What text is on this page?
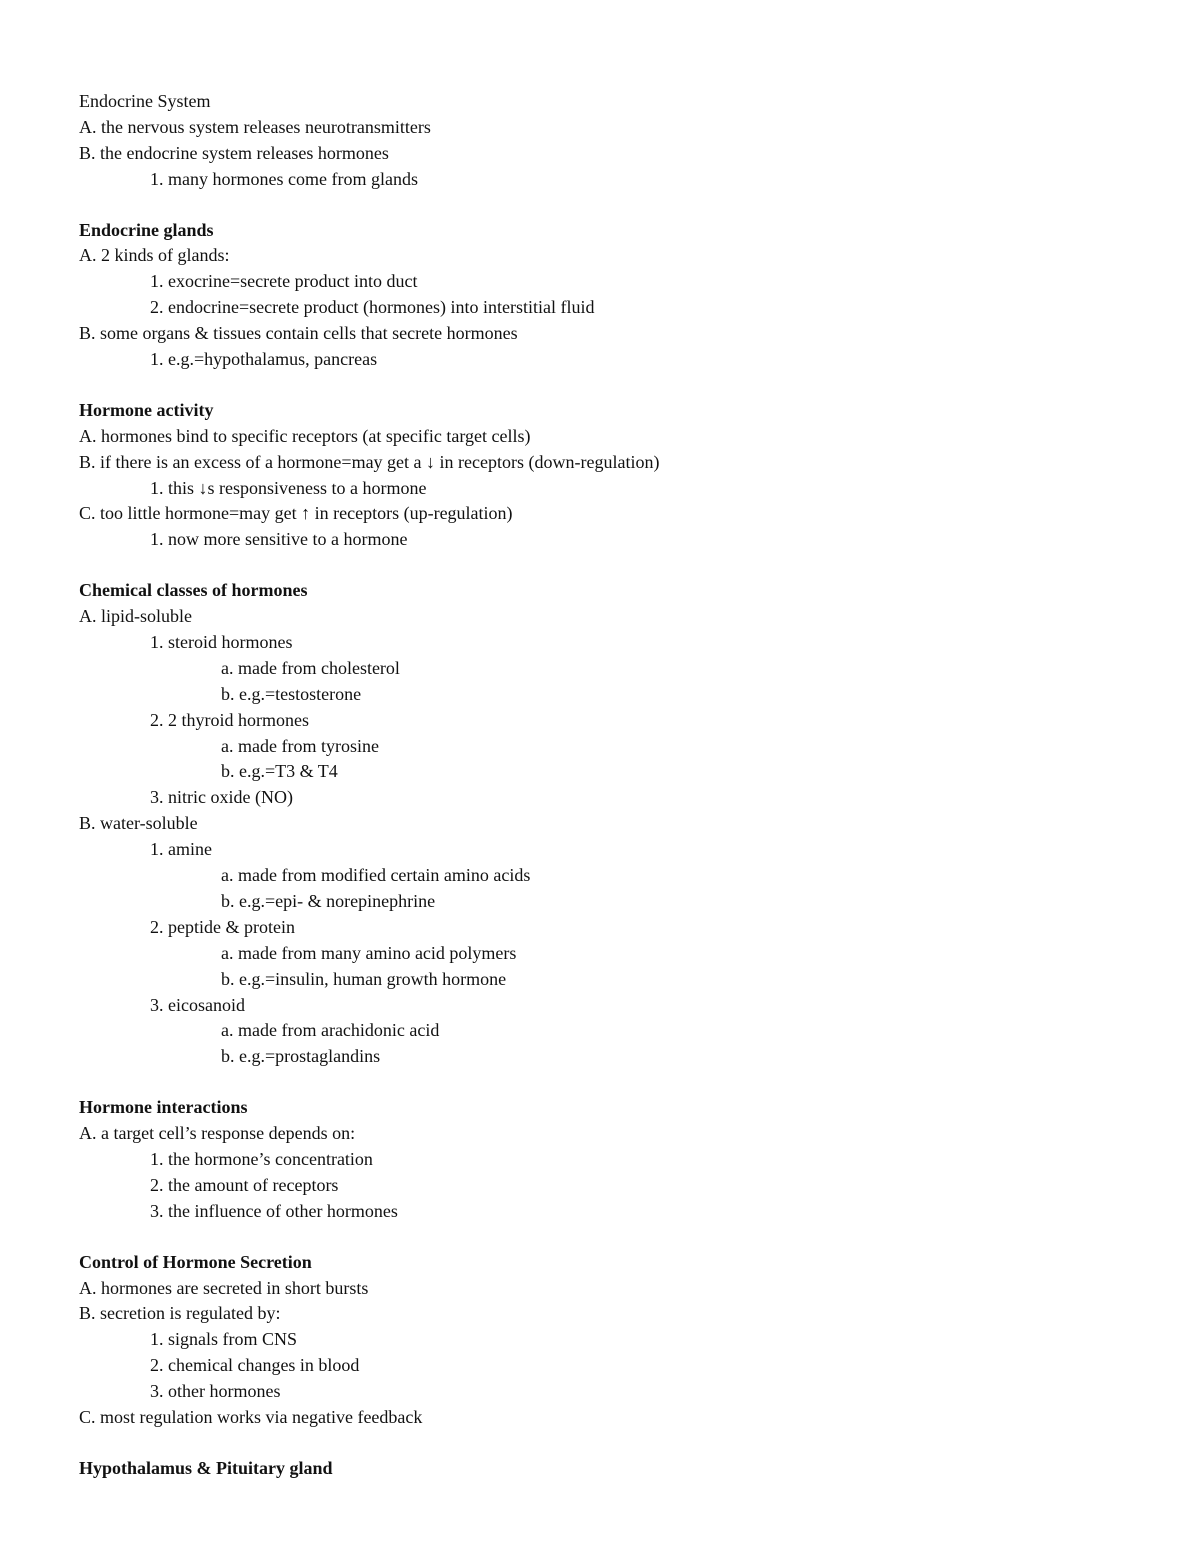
Endocrine System
A. the nervous system releases neurotransmitters
B. the endocrine system releases hormones
1. many hormones come from glands
Endocrine glands
A. 2 kinds of glands:
1. exocrine=secrete product into duct
2. endocrine=secrete product (hormones) into interstitial fluid
B. some organs & tissues contain cells that secrete hormones
1. e.g.=hypothalamus, pancreas
Hormone activity
A. hormones bind to specific receptors (at specific target cells)
B. if there is an excess of a hormone=may get a ↓ in receptors (down-regulation)
1. this ↓s responsiveness to a hormone
C. too little hormone=may get ↑ in receptors (up-regulation)
1. now more sensitive to a hormone
Chemical classes of hormones
A. lipid-soluble
1. steroid hormones
a. made from cholesterol
b. e.g.=testosterone
2. 2 thyroid hormones
a. made from tyrosine
b. e.g.=T3 & T4
3. nitric oxide (NO)
B. water-soluble
1. amine
a. made from modified certain amino acids
b. e.g.=epi- & norepinephrine
2. peptide & protein
a. made from many amino acid polymers
b. e.g.=insulin, human growth hormone
3. eicosanoid
a. made from arachidonic acid
b. e.g.=prostaglandins
Hormone interactions
A. a target cell’s response depends on:
1. the hormone’s concentration
2. the amount of receptors
3. the influence of other hormones
Control of Hormone Secretion
A. hormones are secreted in short bursts
B. secretion is regulated by:
1. signals from CNS
2. chemical changes in blood
3. other hormones
C. most regulation works via negative feedback
Hypothalamus & Pituitary gland
